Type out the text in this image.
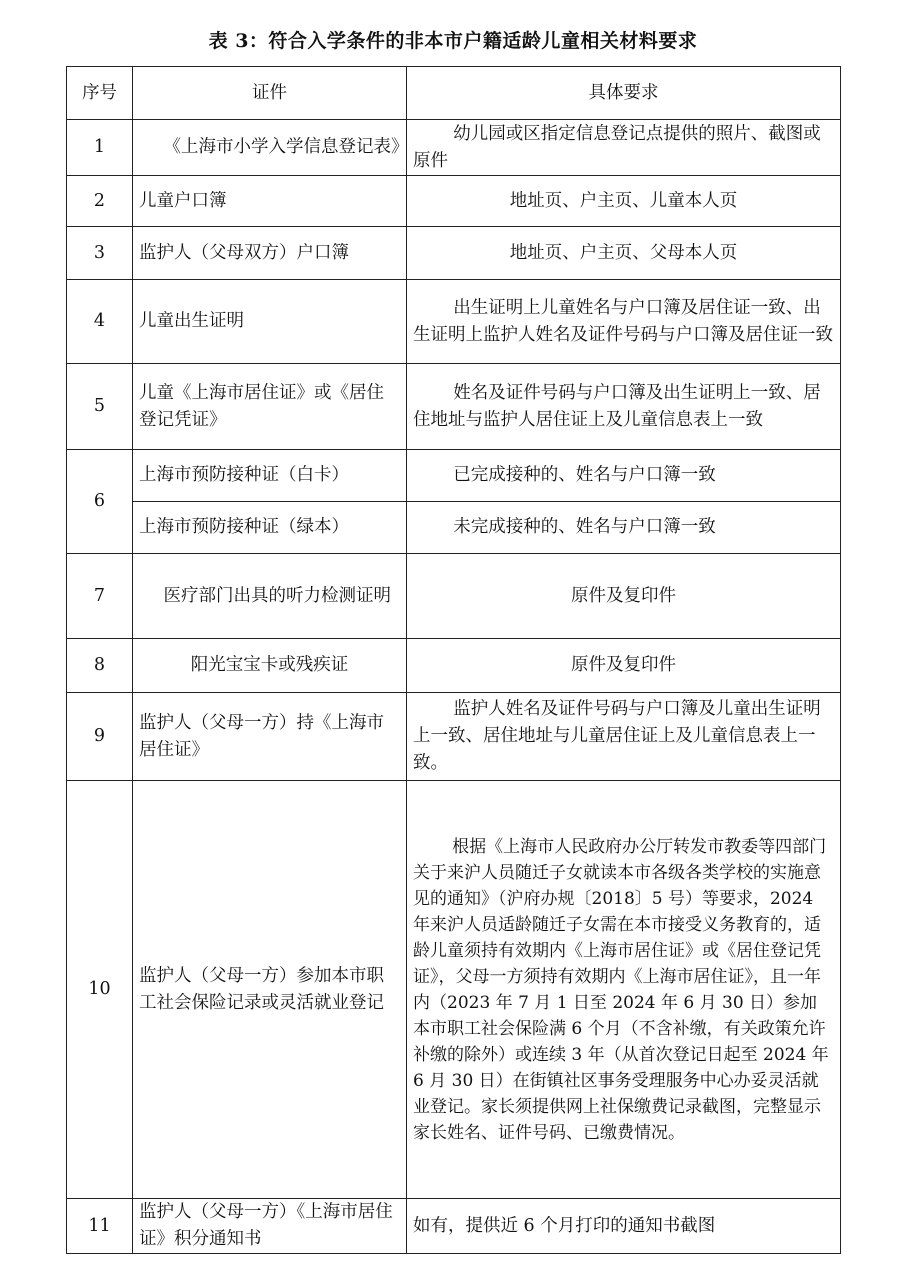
表 3：符合入学条件的非本市户籍适龄儿童相关材料要求
序号	证件	具体要求
1	《上海市小学入学信息登记表》	幼儿园或区指定信息登记点提供的照片、截图或原件
2	儿童户口簿	地址页、户主页、儿童本人页
3	监护人（父母双方）户口簿	地址页、户主页、父母本人页
4	儿童出生证明	出生证明上儿童姓名与户口簿及居住证一致、出生证明上监护人姓名及证件号码与户口簿及居住证一致
5	儿童《上海市居住证》或《居住登记凭证》	姓名及证件号码与户口簿及出生证明上一致、居住地址与监护人居住证上及儿童信息表上一致
6	上海市预防接种证（白卡）	已完成接种的、姓名与户口簿一致
	上海市预防接种证（绿本）	未完成接种的、姓名与户口簿一致
7	医疗部门出具的听力检测证明	原件及复印件
8	阳光宝宝卡或残疾证	原件及复印件
9	监护人（父母一方）持《上海市居住证》	监护人姓名及证件号码与户口簿及儿童出生证明上一致、居住地址与儿童居住证上及儿童信息表上一致。
10	监护人（父母一方）参加本市职工社会保险记录或灵活就业登记	根据《上海市人民政府办公厅转发市教委等四部门关于来沪人员随迁子女就读本市各级各类学校的实施意见的通知》（沪府办规〔2018〕5 号）等要求，2024 年来沪人员适龄随迁子女需在本市接受义务教育的，适龄儿童须持有效期内《上海市居住证》或《居住登记凭证》，父母一方须持有效期内《上海市居住证》，且一年内（2023 年 7 月 1 日至 2024 年 6 月 30 日）参加本市职工社会保险满 6 个月（不含补缴，有关政策允许补缴的除外）或连续 3 年（从首次登记日起至 2024 年 6 月 30 日）在街镇社区事务受理服务中心办妥灵活就业登记。家长须提供网上社保缴费记录截图，完整显示家长姓名、证件号码、已缴费情况。
11	监护人（父母一方）《上海市居住证》积分通知书	如有，提供近 6 个月打印的通知书截图
